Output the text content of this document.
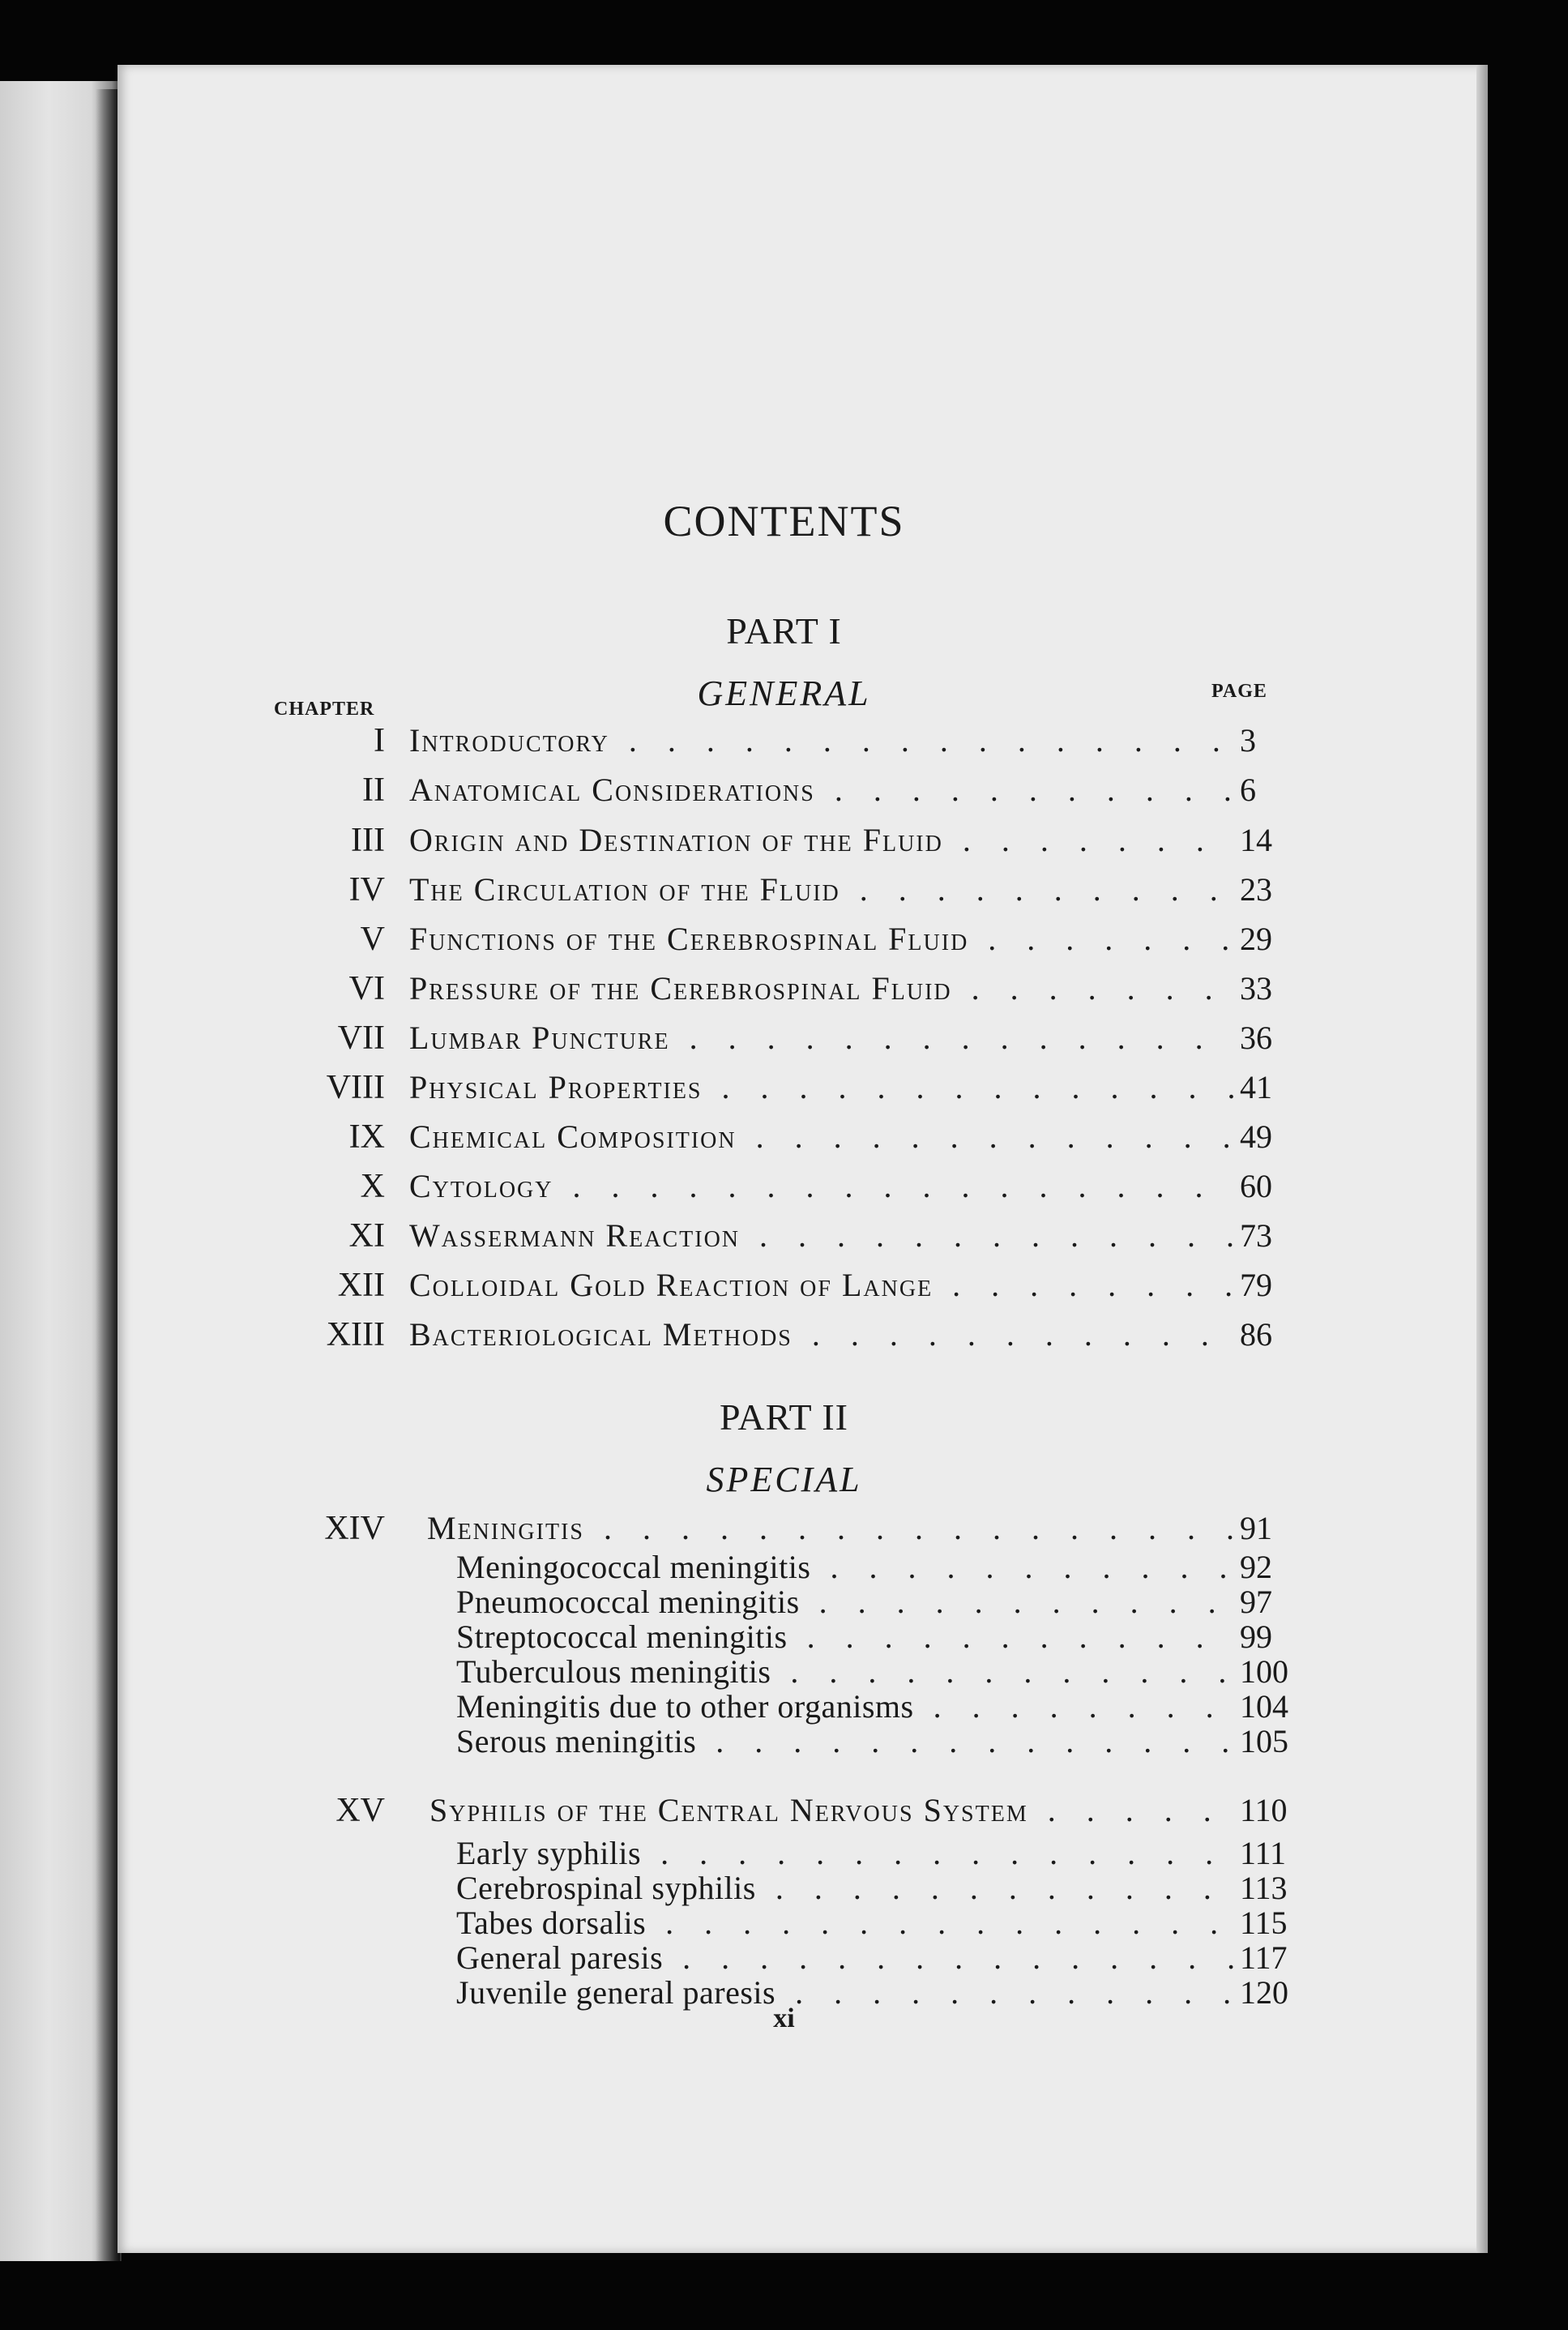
CONTENTS
PART I
GENERAL
CHAPTER
PAGE
I Introductory . . .	3
II Anatomical Considerations . . .	6
III Origin and Destination of the Fluid . . .	14
IV The Circulation of the Fluid . . .	23
V Functions of the Cerebrospinal Fluid . . .	29
VI Pressure of the Cerebrospinal Fluid . . .	33
VII Lumbar Puncture . . .	36
VIII Physical Properties . . .	41
IX Chemical Composition . . .	49
X Cytology . . .	60
XI Wassermann Reaction . . .	73
XII Colloidal Gold Reaction of Lange . . .	79
XIII Bacteriological Methods . . .	86
PART II
SPECIAL
XIV Meningitis . . .	91
Meningococcal meningitis . . .	92
Pneumococcal meningitis . . .	97
Streptococcal meningitis . . .	99
Tuberculous meningitis . . .	100
Meningitis due to other organisms . . .	104
Serous meningitis . . .	105
XV Syphilis of the Central Nervous System . . .	110
Early syphilis . . .	111
Cerebrospinal syphilis . . .	113
Tabes dorsalis . . .	115
General paresis . . .	117
Juvenile general paresis . . .	120
xi
